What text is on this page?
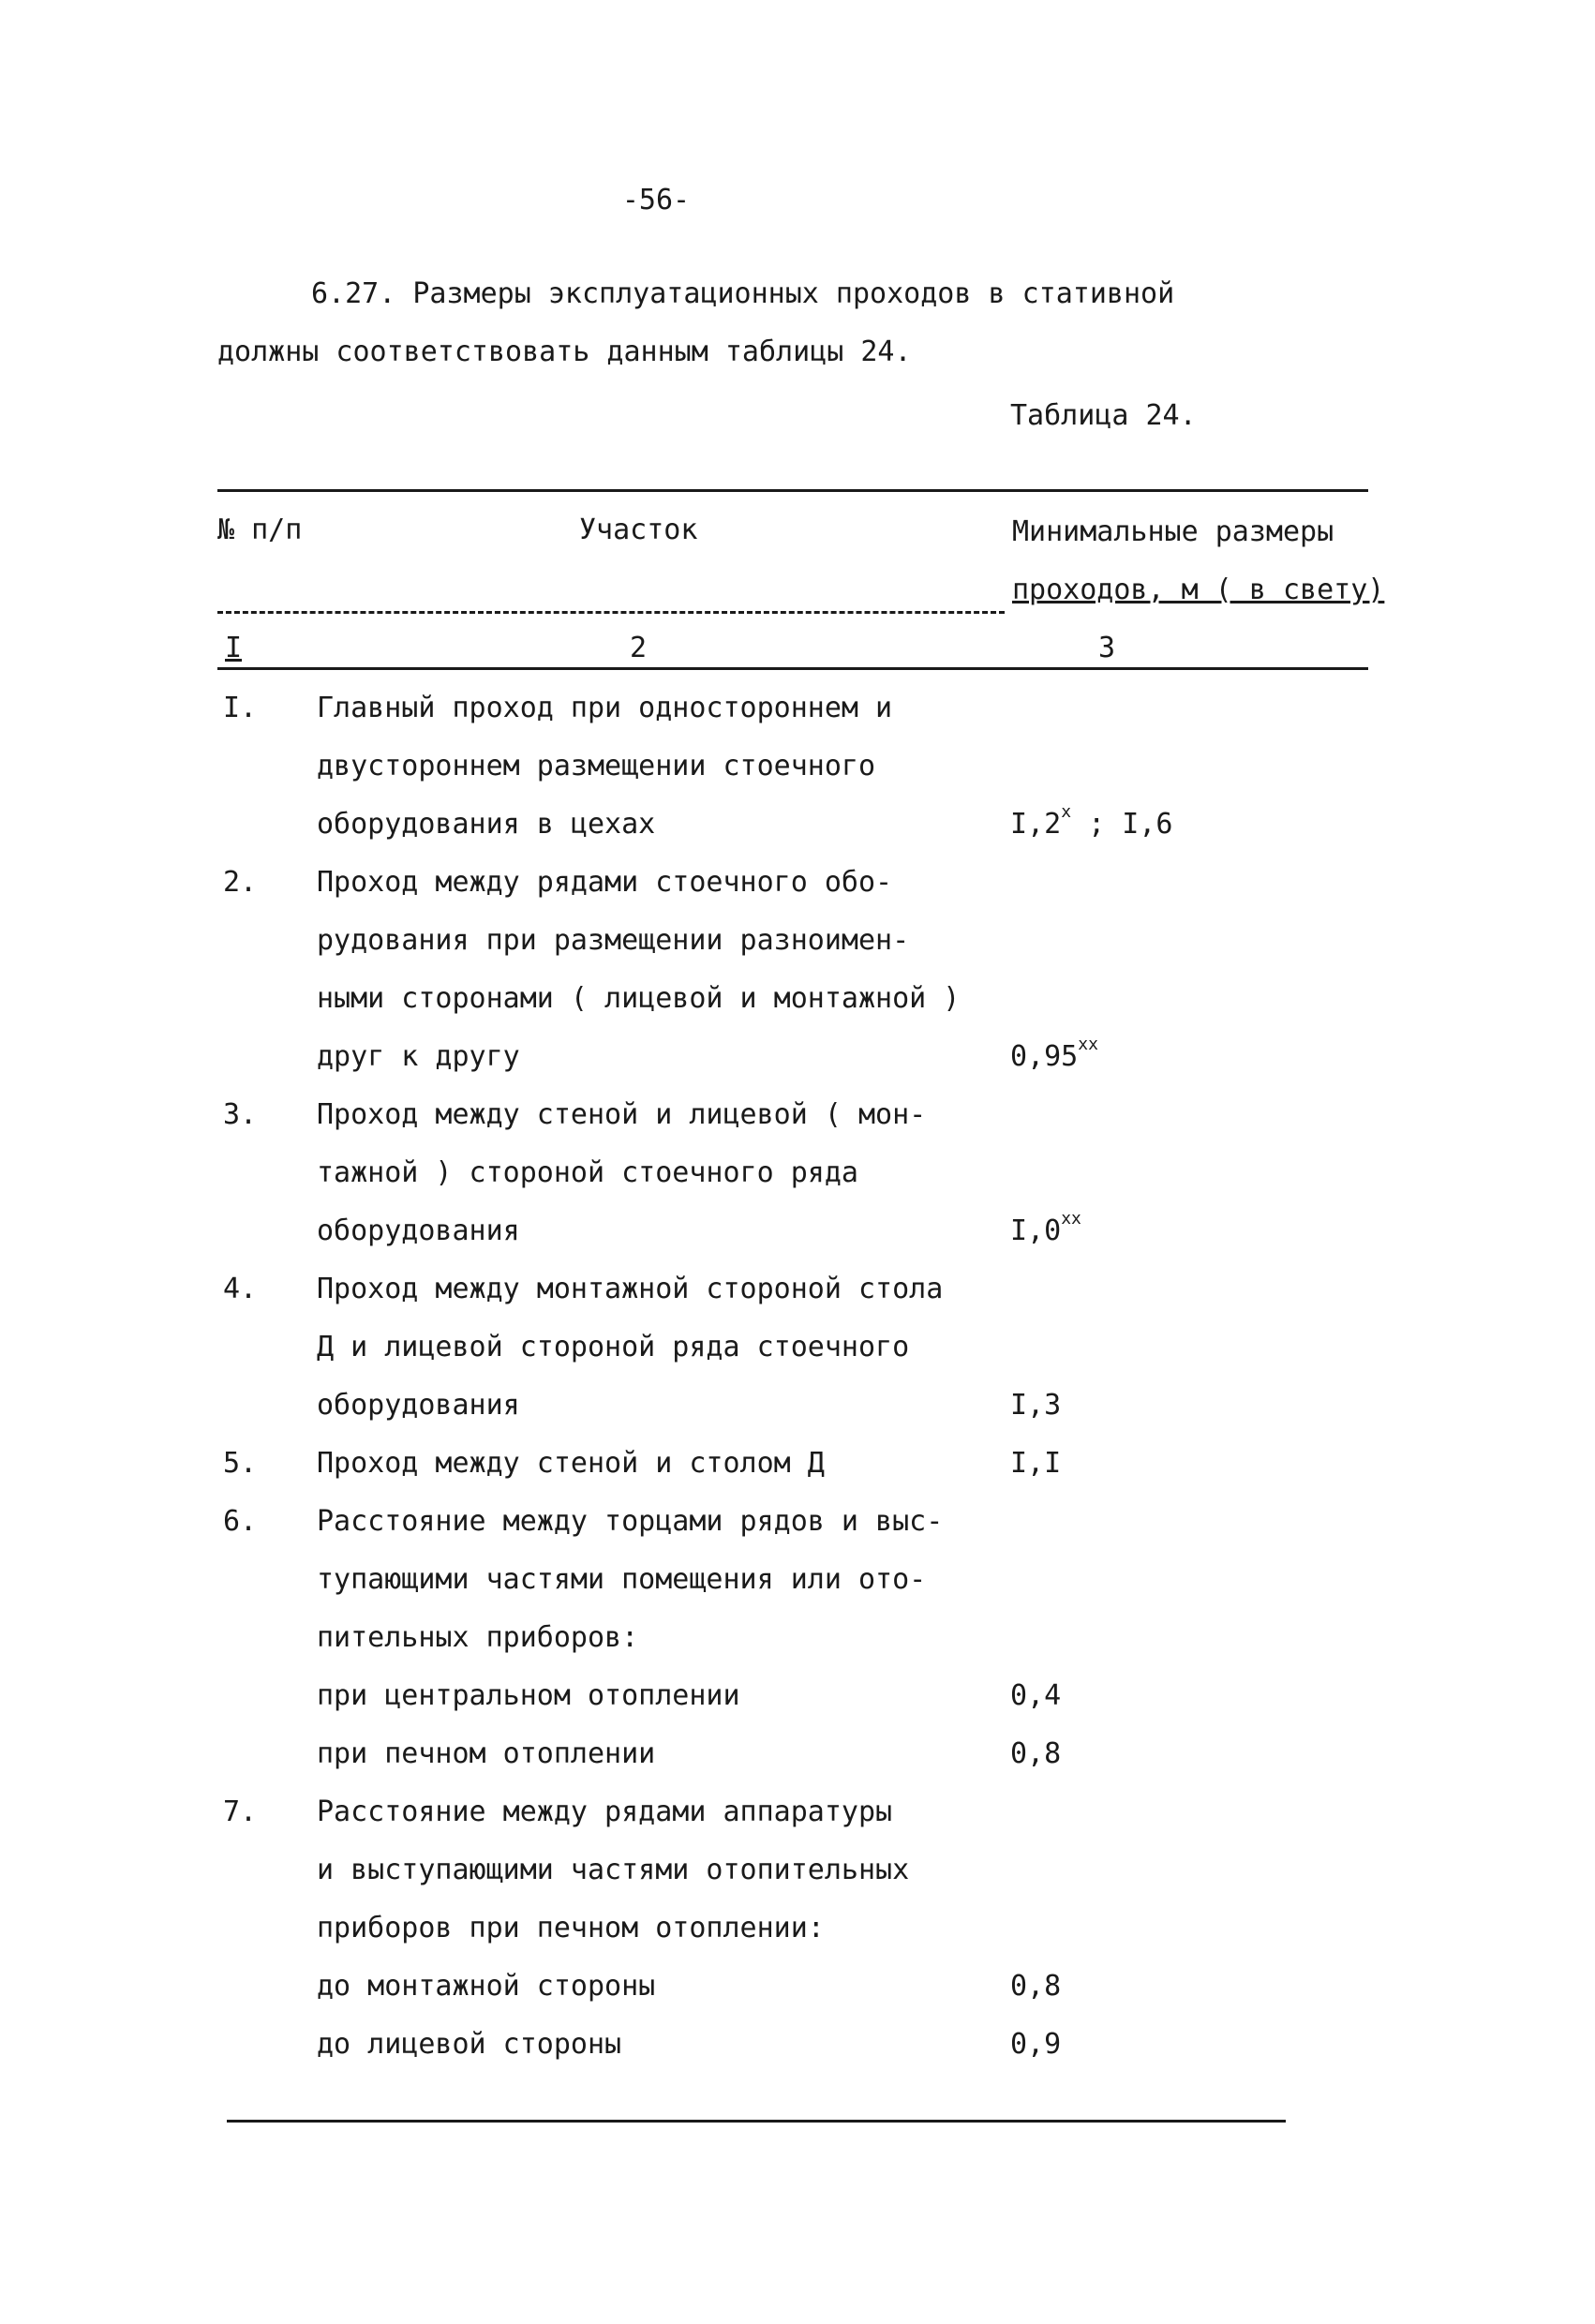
-56-
6.27. Размеры эксплуатационных проходов в стативной
должны соответствовать данным таблицы 24.
Таблица 24.
№ п/п	Участок	Минимальные размеры
проходов, м ( в свету)
I	2	3
I. Главный проход при одностороннем и
двустороннем размещении стоечного
оборудования в цехах	$I,2^х$ ; I,6
2. Проход между рядами стоечного обо-
рудования при размещении разноимен-
ными сторонами ( лицевой и монтажной )
друг к другу	$0,95^{хх}$
3. Проход между стеной и лицевой ( мон-
тажной ) стороной стоечного ряда
оборудования	$I,0^{хх}$
4. Проход между монтажной стороной стола
Д и лицевой стороной ряда стоечного
оборудования	I,3
5. Проход между стеной и столом Д	I,I
6. Расстояние между торцами рядов и выс-
тупающими частями помещения или ото-
пительных приборов:
при центральном отоплении	0,4
при печном отоплении	0,8
7. Расстояние между рядами аппаратуры
и выступающими частями отопительных
приборов при печном отоплении:
до монтажной стороны	0,8
до лицевой стороны	0,9
